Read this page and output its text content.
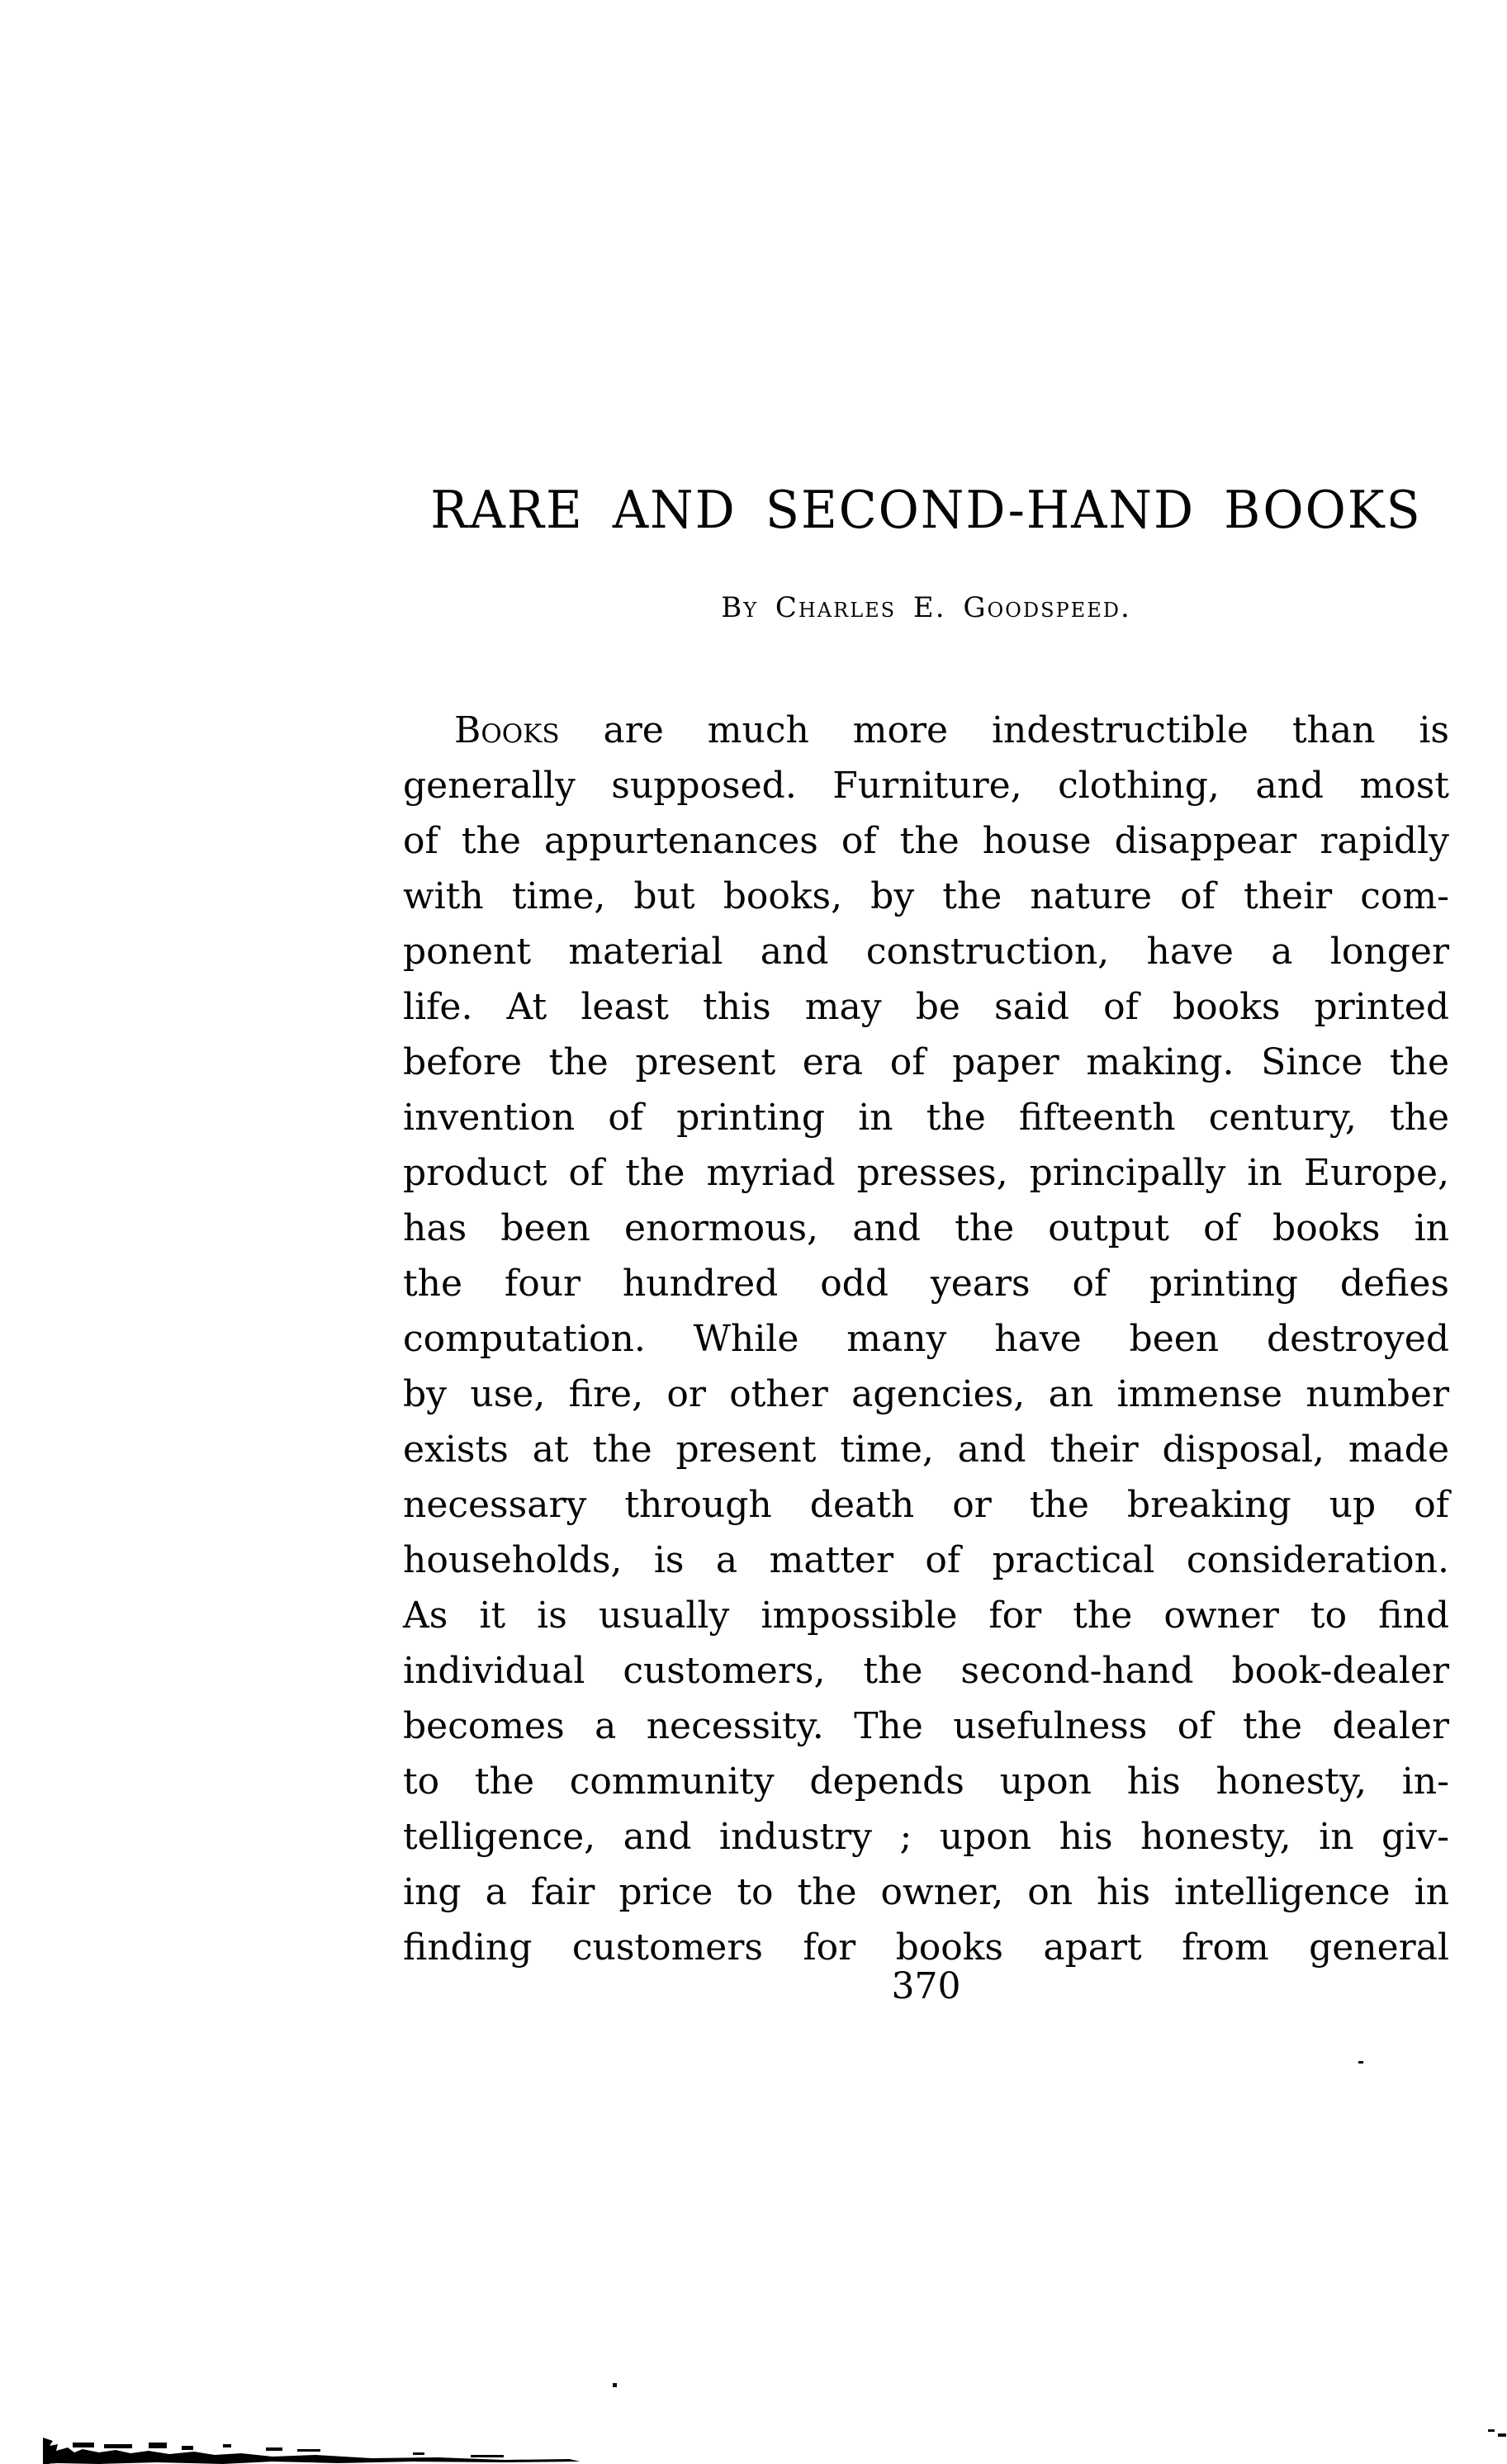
RARE AND SECOND-HAND BOOKS
By Charles E. Goodspeed.
Books are much more indestructible than is
generally supposed. Furniture, clothing, and most
of the appurtenances of the house disappear rapidly
with time, but books, by the nature of their com-
ponent material and construction, have a longer
life. At least this may be said of books printed
before the present era of paper making. Since the
invention of printing in the fifteenth century, the
product of the myriad presses, principally in Europe,
has been enormous, and the output of books in
the four hundred odd years of printing defies
computation. While many have been destroyed
by use, fire, or other agencies, an immense number
exists at the present time, and their disposal, made
necessary through death or the breaking up of
households, is a matter of practical consideration.
As it is usually impossible for the owner to find
individual customers, the second-hand book-dealer
becomes a necessity. The usefulness of the dealer
to the community depends upon his honesty, in-
telligence, and industry ; upon his honesty, in giv-
ing a fair price to the owner, on his intelligence in
finding customers for books apart from general
370
